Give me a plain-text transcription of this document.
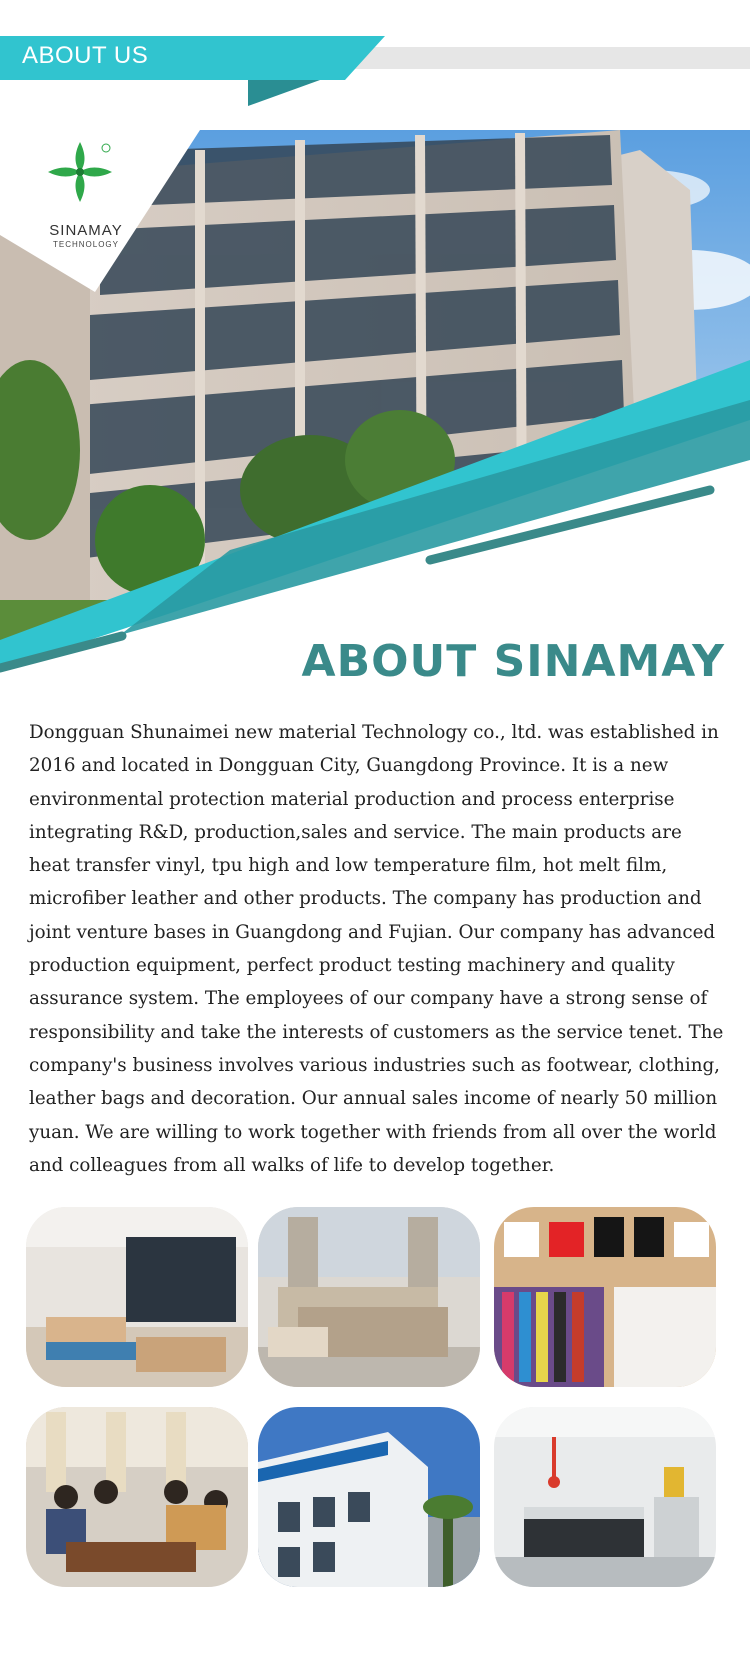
ABOUT US
SINAMAY
TECHNOLOGY
ABOUT SINAMAY

Dongguan Shunaimei new material Technology co., ltd. was established in 2016 and located in Dongguan City, Guangdong Province. It is a new environmental protection material production and process enterprise integrating R&D, production,sales and service. The main products are heat transfer vinyl, tpu high and low temperature film, hot melt film, microfiber leather and other products. The company has production and joint venture bases in Guangdong and Fujian. Our company has advanced production equipment, perfect product testing machinery and quality assurance system. The employees of our company have a strong sense of responsibility and take the interests of customers as the service tenet. The company's business involves various industries such as footwear, clothing, leather bags and decoration. Our annual sales income of nearly 50 million yuan. We are willing to work together with friends from all over the world and colleagues from all walks of life to develop together.
